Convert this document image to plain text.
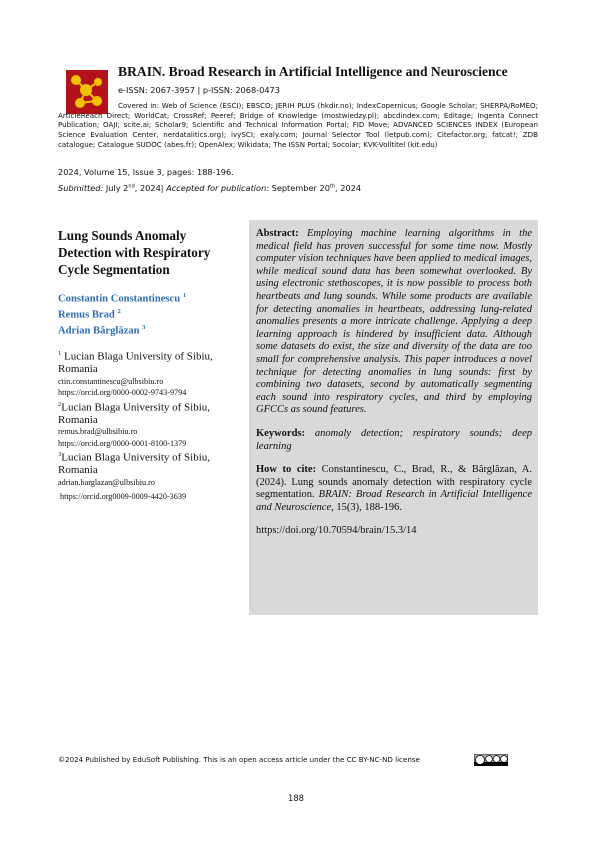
BRAIN. Broad Research in Artificial Intelligence and Neuroscience
e-ISSN: 2067-3957 | p-ISSN: 2068-0473
Covered in: Web of Science (ESCI); EBSCO; JERIH PLUS (hkdir.no); IndexCopernicus; Google Scholar; SHERPA/RoMEO; ArticleReach Direct; WorldCat; CrossRef; Peeref; Bridge of Knowledge (mostwiedzy.pl); abcdindex.com; Editage; Ingenta Connect Publication; OAJI; scite.ai; Scholar9; Scientific and Technical Information Portal; FID Move; ADVANCED SCIENCES INDEX (European Science Evaluation Center, nerdatalitics.org); ivySCI; exaly.com; Journal Selector Tool (letpub.com); Citefactor.org; fatcat!; ZDB catalogue; Catalogue SUDOC (abes.fr); OpenAlex; Wikidata; The ISSN Portal; Socolar; KVK-Volltitel (kit.edu)
2024, Volume 15, Issue 3, pages: 188-196.
Submitted: July 2nd, 2024| Accepted for publication: September 20th, 2024
Lung Sounds Anomaly Detection with Respiratory Cycle Segmentation
Constantin Constantinescu $^1$
Remus Brad $^2$
Adrian Bârglăzan $^3$
$^1$ Lucian Blaga University of Sibiu,
Romania
ctin.constantinescu@ulbsibiu.ro
https://orcid.org/0000-0002-9743-9794
$^2$Lucian Blaga University of Sibiu,
Romania
remus.brad@ulbsibiu.ro
https://orcid.org/0000-0001-8100-1379
$^3$Lucian Blaga University of Sibiu,
Romania
adrian.barglazan@ulbsibiu.ro
https://orcid.org0009-0009-4420-3639

Abstract: Employing machine learning algorithms in the medical field has proven successful for some time now. Mostly computer vision techniques have been applied to medical images, while medical sound data has been somewhat overlooked. By using electronic stethoscopes, it is now possible to process both heartbeats and lung sounds. While some products are available for detecting anomalies in heartbeats, addressing lung-related anomalies presents a more intricate challenge. Applying a deep learning approach is hindered by insufficient data. Although some datasets do exist, the size and diversity of the data are too small for comprehensive analysis. This paper introduces a novel technique for detecting anomalies in lung sounds: first by combining two datasets, second by automatically segmenting each sound into respiratory cycles, and third by employing GFCCs as sound features.

Keywords: anomaly detection; respiratory sounds; deep learning

How to cite: Constantinescu, C., Brad, R., & Bârglăzan, A. (2024). Lung sounds anomaly detection with respiratory cycle segmentation. BRAIN: Broad Research in Artificial Intelligence and Neuroscience, 15(3), 188-196.

https://doi.org/10.70594/brain/15.3/14

©2024 Published by EduSoft Publishing. This is an open access article under the CC BY-NC-ND license
188
